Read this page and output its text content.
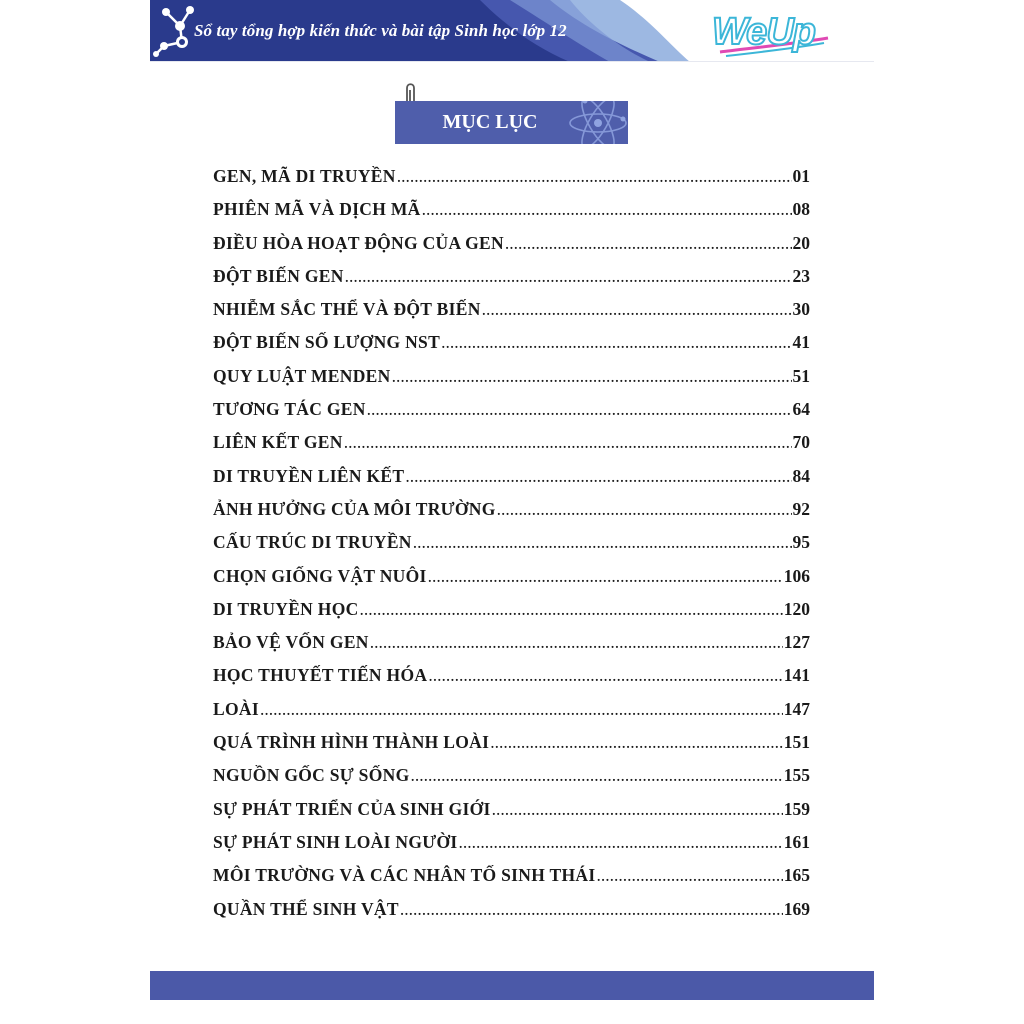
Sổ tay tổng hợp kiến thức và bài tập Sinh học lớp 12	WeUp
MỤC LỤC
GEN, MÃ DI TRUYỀN .....	01
PHIÊN MÃ VÀ DỊCH MÃ .....	08
ĐIỀU HÒA HOẠT ĐỘNG CỦA GEN .....	20
ĐỘT BIẾN GEN .....	23
NHIỄM SẮC THỂ VÀ ĐỘT BIẾN .....	30
ĐỘT BIẾN SỐ LƯỢNG NST .....	41
QUY LUẬT MENDEN .....	51
TƯƠNG TÁC GEN .....	64
LIÊN KẾT GEN .....	70
DI TRUYỀN LIÊN KẾT .....	84
ẢNH HƯỞNG CỦA MÔI TRƯỜNG .....	92
CẤU TRÚC DI TRUYỀN .....	95
CHỌN GIỐNG VẬT NUÔI .....	106
DI TRUYỀN HỌC .....	120
BẢO VỆ VỐN GEN .....	127
HỌC THUYẾT TIẾN HÓA .....	141
LOÀI .....	147
QUÁ TRÌNH HÌNH THÀNH LOÀI .....	151
NGUỒN GỐC SỰ SỐNG .....	155
SỰ PHÁT TRIỂN CỦA SINH GIỚI .....	159
SỰ PHÁT SINH LOÀI NGƯỜI .....	161
MÔI TRƯỜNG VÀ CÁC NHÂN TỐ SINH THÁI .....	165
QUẦN THỂ SINH VẬT .....	169
